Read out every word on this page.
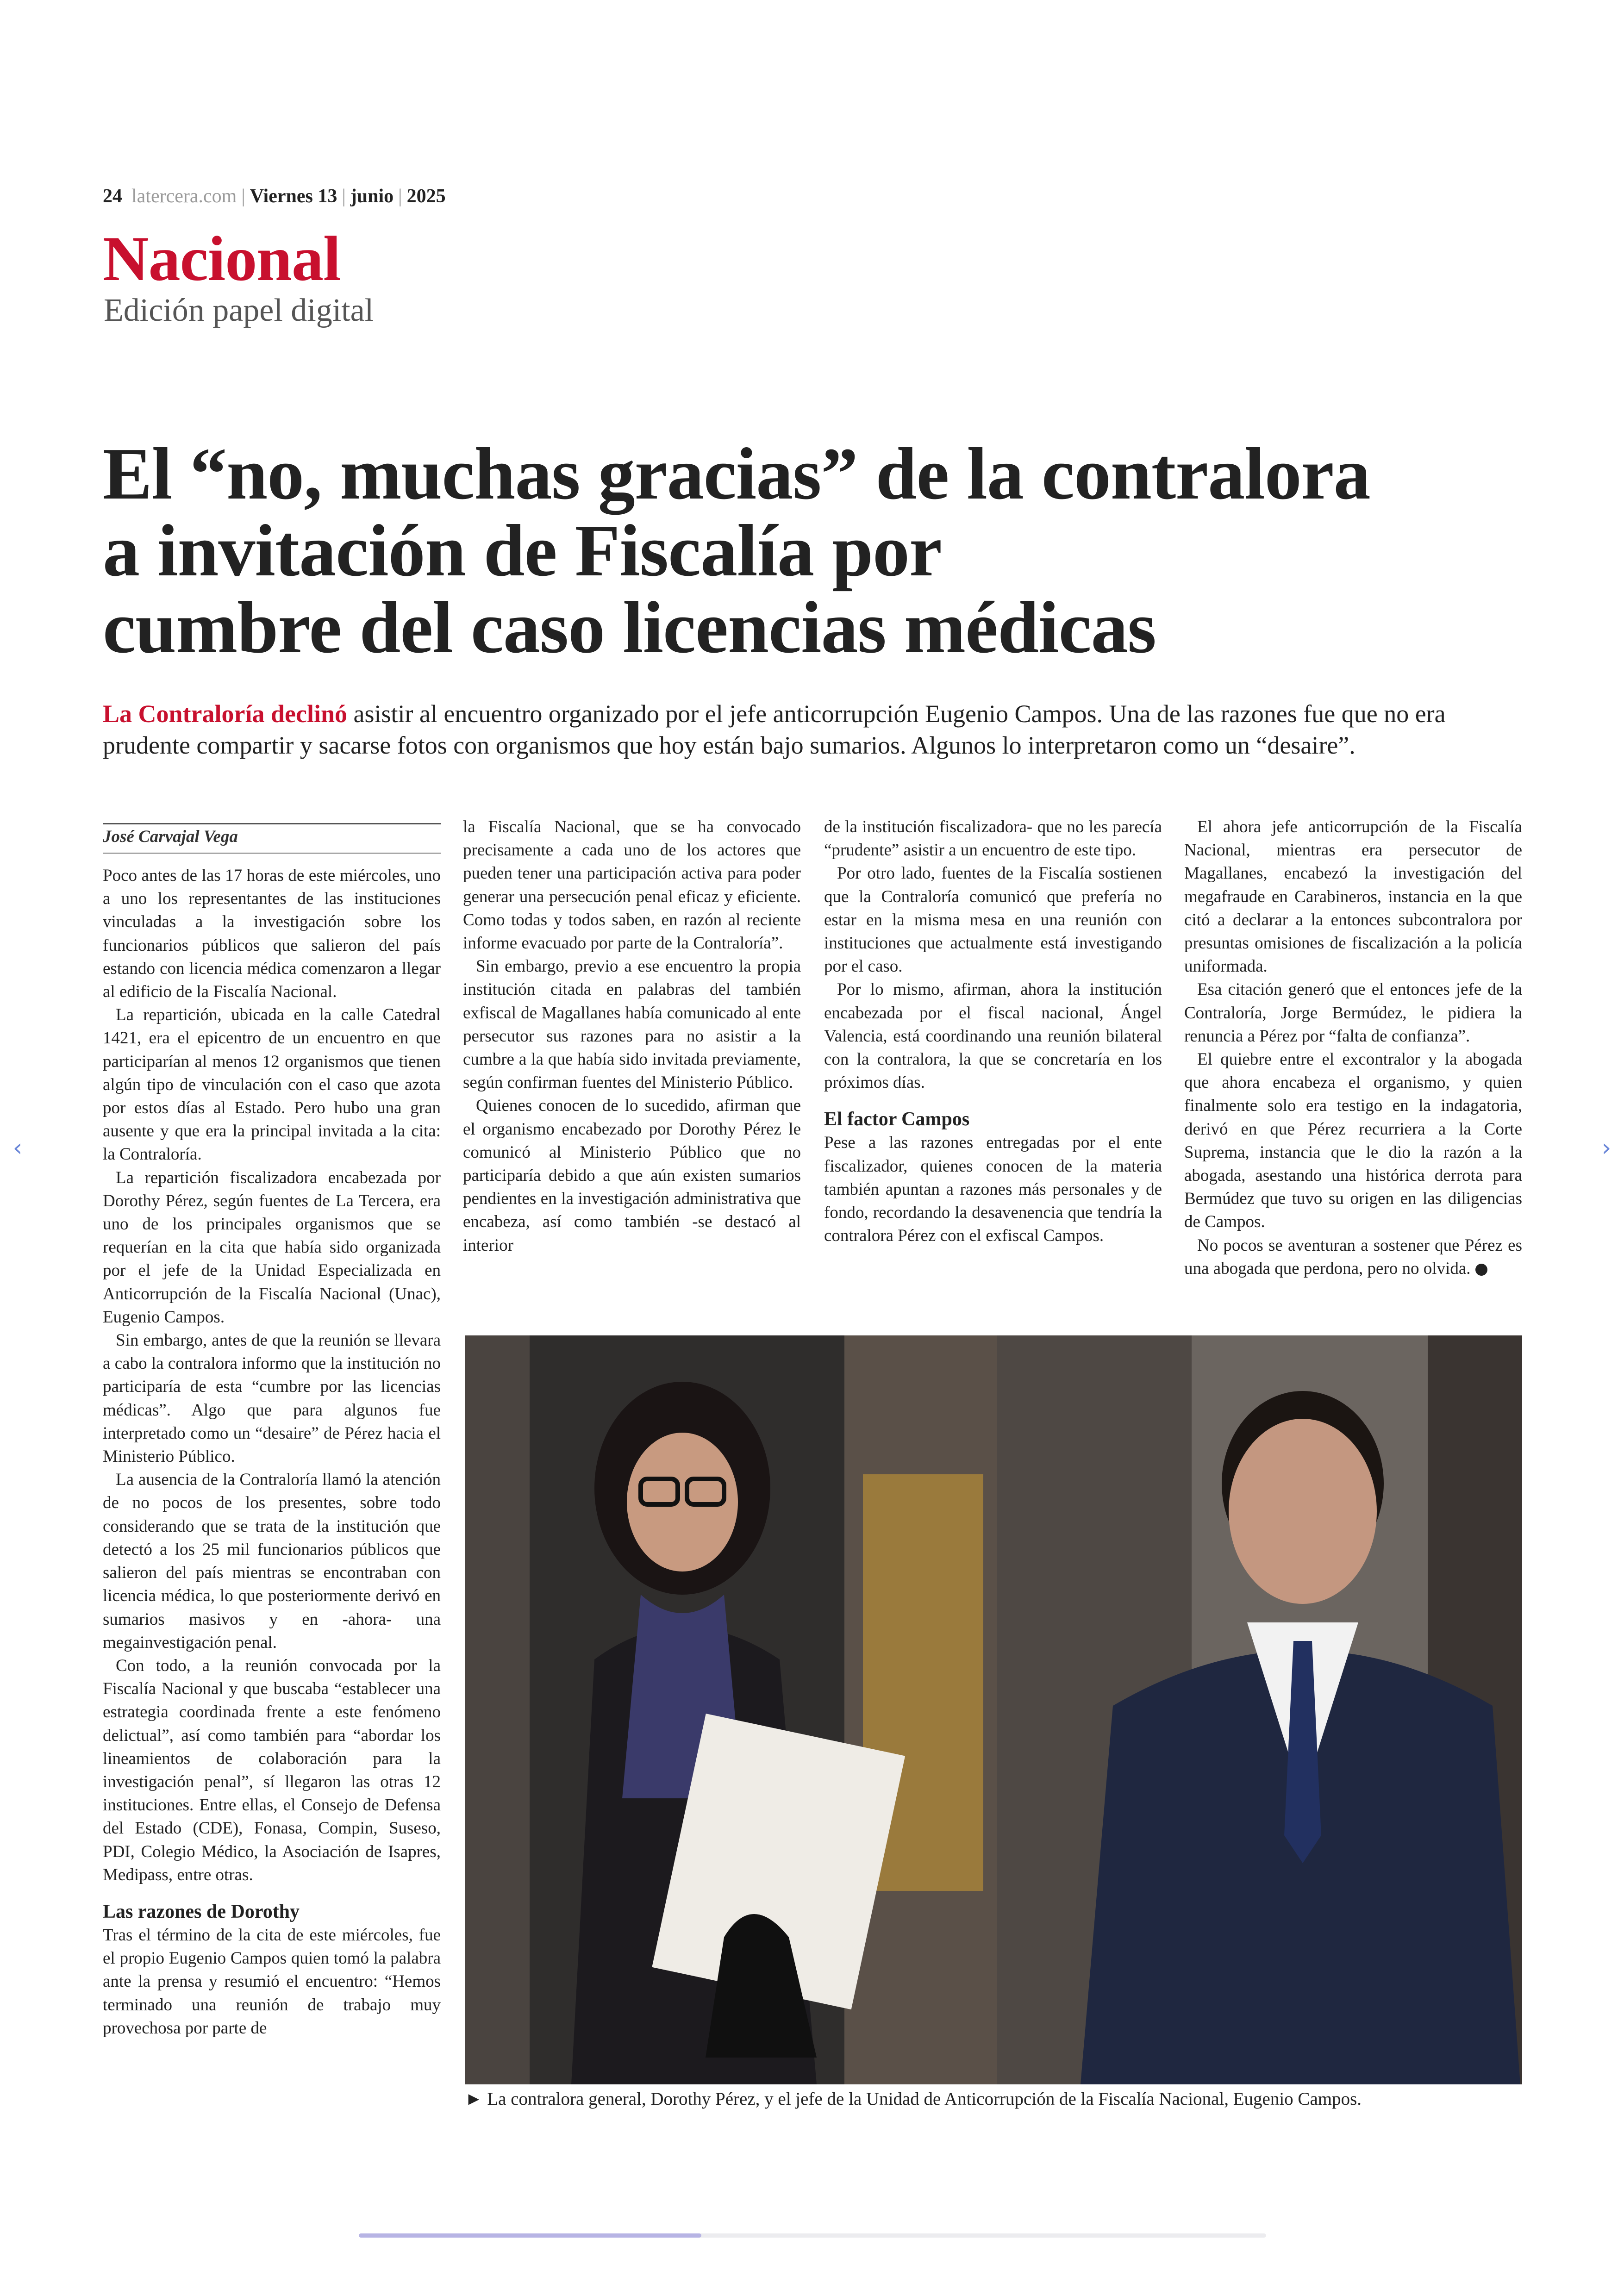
24 latercera.com | Viernes 13 | junio | 2025
Nacional
Edición papel digital
El “no, muchas gracias” de la contralora
a invitación de Fiscalía por
cumbre del caso licencias médicas
La Contraloría declinó asistir al encuentro organizado por el jefe anticorrupción Eugenio Campos. Una de las razones fue que no era prudente compartir y sacarse fotos con organismos que hoy están bajo sumarios. Algunos lo interpretaron como un “desaire”.
José Carvajal Vega

Poco antes de las 17 horas de este miércoles, uno a uno los representantes de las instituciones vinculadas a la investigación sobre los funcionarios públicos que salieron del país estando con licencia médica comenzaron a llegar al edificio de la Fiscalía Nacional.

La repartición, ubicada en la calle Catedral 1421, era el epicentro de un encuentro en que participarían al menos 12 organismos que tienen algún tipo de vinculación con el caso que azota por estos días al Estado. Pero hubo una gran ausente y que era la principal invitada a la cita: la Contraloría.

La repartición fiscalizadora encabezada por Dorothy Pérez, según fuentes de La Tercera, era uno de los principales organismos que se requerían en la cita que había sido organizada por el jefe de la Unidad Especializada en Anticorrupción de la Fiscalía Nacional (Unac), Eugenio Campos.

Sin embargo, antes de que la reunión se llevara a cabo la contralora informo que la institución no participaría de esta “cumbre por las licencias médicas”. Algo que para algunos fue interpretado como un “desaire” de Pérez hacia el Ministerio Público.

La ausencia de la Contraloría llamó la atención de no pocos de los presentes, sobre todo considerando que se trata de la institución que detectó a los 25 mil funcionarios públicos que salieron del país mientras se encontraban con licencia médica, lo que posteriormente derivó en sumarios masivos y en -ahora- una megainvestigación penal.

Con todo, a la reunión convocada por la Fiscalía Nacional y que buscaba “establecer una estrategia coordinada frente a este fenómeno delictual”, así como también para “abordar los lineamientos de colaboración para la investigación penal”, sí llegaron las otras 12 instituciones. Entre ellas, el Consejo de Defensa del Estado (CDE), Fonasa, Compin, Suseso, PDI, Colegio Médico, la Asociación de Isapres, Medipass, entre otras.

Las razones de Dorothy

Tras el término de la cita de este miércoles, fue el propio Eugenio Campos quien tomó la palabra ante la prensa y resumió el encuentro: “Hemos terminado una reunión de trabajo muy provechosa por parte de

la Fiscalía Nacional, que se ha convocado precisamente a cada uno de los actores que pueden tener una participación activa para poder generar una persecución penal eficaz y eficiente. Como todas y todos saben, en razón al reciente informe evacuado por parte de la Contraloría”.

Sin embargo, previo a ese encuentro la propia institución citada en palabras del también exfiscal de Magallanes había comunicado al ente persecutor sus razones para no asistir a la cumbre a la que había sido invitada previamente, según confirman fuentes del Ministerio Público.

Quienes conocen de lo sucedido, afirman que el organismo encabezado por Dorothy Pérez le comunicó al Ministerio Público que no participaría debido a que aún existen sumarios pendientes en la investigación administrativa que encabeza, así como también -se destacó al interior

de la institución fiscalizadora- que no les parecía “prudente” asistir a un encuentro de este tipo.

Por otro lado, fuentes de la Fiscalía sostienen que la Contraloría comunicó que prefería no estar en la misma mesa en una reunión con instituciones que actualmente está investigando por el caso.

Por lo mismo, afirman, ahora la institución encabezada por el fiscal nacional, Ángel Valencia, está coordinando una reunión bilateral con la contralora, la que se concretaría en los próximos días.

El factor Campos

Pese a las razones entregadas por el ente fiscalizador, quienes conocen de la materia también apuntan a razones más personales y de fondo, recordando la desavenencia que tendría la contralora Pérez con el exfiscal Campos.

El ahora jefe anticorrupción de la Fiscalía Nacional, mientras era persecutor de Magallanes, encabezó la investigación del megafraude en Carabineros, instancia en la que citó a declarar a la entonces subcontralora por presuntas omisiones de fiscalización a la policía uniformada.

Esa citación generó que el entonces jefe de la Contraloría, Jorge Bermúdez, le pidiera la renuncia a Pérez por “falta de confianza”.

El quiebre entre el excontralor y la abogada que ahora encabeza el organismo, y quien finalmente solo era testigo en la indagatoria, derivó en que Pérez recurriera a la Corte Suprema, instancia que le dio la razón a la abogada, asestando una histórica derrota para Bermúdez que tuvo su origen en las diligencias de Campos.

No pocos se aventuran a sostener que Pérez es una abogada que perdona, pero no olvida.

► La contralora general, Dorothy Pérez, y el jefe de la Unidad de Anticorrupción de la Fiscalía Nacional, Eugenio Campos.
‹	›
